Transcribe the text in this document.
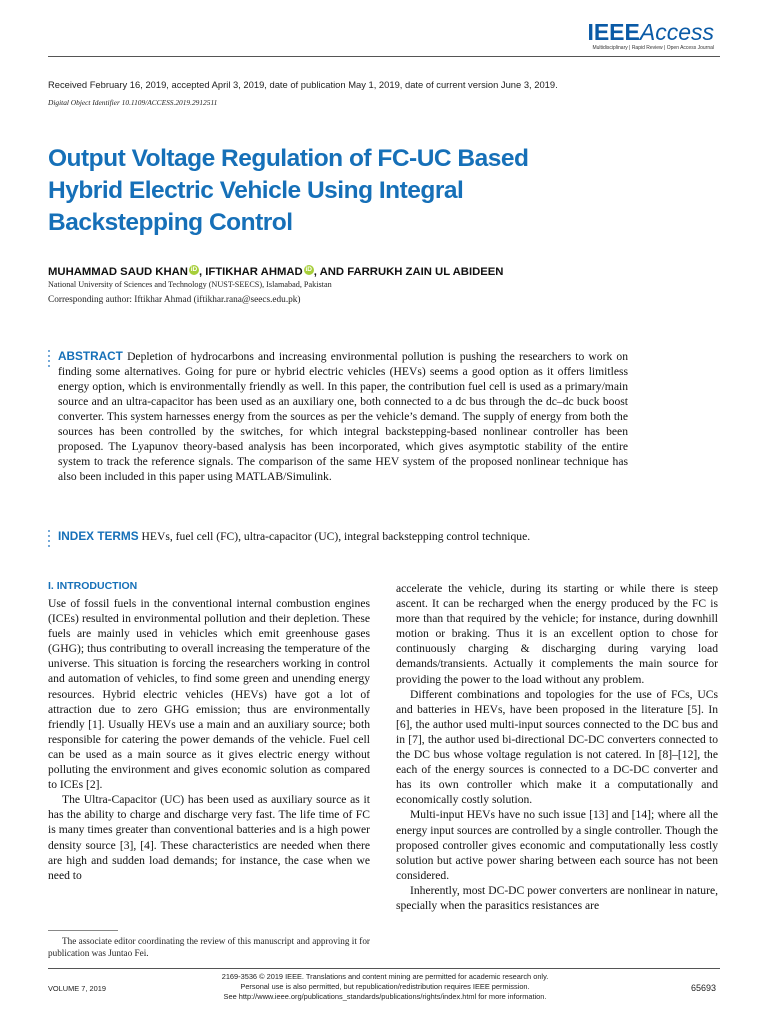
IEEEAccess
Multidisciplinary | Rapid Review | Open Access Journal
Received February 16, 2019, accepted April 3, 2019, date of publication May 1, 2019, date of current version June 3, 2019.
Digital Object Identifier 10.1109/ACCESS.2019.2912511
Output Voltage Regulation of FC-UC Based
Hybrid Electric Vehicle Using Integral
Backstepping Control
MUHAMMAD SAUD KHAN iD , IFTIKHAR AHMAD iD , AND FARRUKH ZAIN UL ABIDEEN
National University of Sciences and Technology (NUST-SEECS), Islamabad, Pakistan
Corresponding author: Iftikhar Ahmad (iftikhar.rana@seecs.edu.pk)
ABSTRACT Depletion of hydrocarbons and increasing environmental pollution is pushing the researchers to work on finding some alternatives. Going for pure or hybrid electric vehicles (HEVs) seems a good option as it offers limitless energy option, which is environmentally friendly as well. In this paper, the contribution fuel cell is used as a primary/main source and an ultra-capacitor has been used as an auxiliary one, both connected to a dc bus through the dc–dc buck boost converter. This system harnesses energy from the sources as per the vehicle’s demand. The supply of energy from both the sources has been controlled by the switches, for which integral backstepping-based nonlinear controller has been proposed. The Lyapunov theory-based analysis has been incorporated, which gives asymptotic stability of the entire system to track the reference signals. The comparison of the same HEV system of the proposed nonlinear technique has also been included in this paper using MATLAB/Simulink.
INDEX TERMS HEVs, fuel cell (FC), ultra-capacitor (UC), integral backstepping control technique.
I. INTRODUCTION

Use of fossil fuels in the conventional internal combustion engines (ICEs) resulted in environmental pollution and their depletion. These fuels are mainly used in vehicles which emit greenhouse gases (GHG); thus contributing to overall increasing the temperature of the universe. This situation is forcing the researchers working in control and automation of vehicles, to find some green and unending energy resources. Hybrid electric vehicles (HEVs) have got a lot of attraction due to zero GHG emission; thus are environmentally friendly [1]. Usually HEVs use a main and an auxiliary source; both responsible for catering the power demands of the vehicle. Fuel cell can be used as a main source as it gives electric energy without polluting the environment and gives economic solution as compared to ICEs [2].

The Ultra-Capacitor (UC) has been used as auxiliary source as it has the ability to charge and discharge very fast. The life time of FC is many times greater than conventional batteries and is a high power density source [3], [4]. These characteristics are needed when there are high and sudden load demands; for instance, the case when we need to

accelerate the vehicle, during its starting or while there is steep ascent. It can be recharged when the energy produced by the FC is more than that required by the vehicle; for instance, during downhill motion or braking. Thus it is an excellent option to chose for continuously charging & discharging during varying load demands/transients. Actually it complements the main source for providing the power to the load without any problem.

Different combinations and topologies for the use of FCs, UCs and batteries in HEVs, have been proposed in the literature [5]. In [6], the author used multi-input sources connected to the DC bus and in [7], the author used bi-directional DC-DC converters connected to the DC bus whose voltage regulation is not catered. In [8]–[12], the each of the energy sources is connected to a DC-DC converter and has its own controller which make it a computationally and economically costly solution.

Multi-input HEVs have no such issue [13] and [14]; where all the energy input sources are controlled by a single controller. Though the proposed controller gives economic and computationally less costly solution but active power sharing between each source has not been considered.

Inherently, most DC-DC power converters are nonlinear in nature, specially when the parasitics resistances are

The associate editor coordinating the review of this manuscript and approving it for publication was Juntao Fei.
VOLUME 7, 2019
2169-3536 © 2019 IEEE. Translations and content mining are permitted for academic research only.
Personal use is also permitted, but republication/redistribution requires IEEE permission.
See http://www.ieee.org/publications_standards/publications/rights/index.html for more information.
65693
